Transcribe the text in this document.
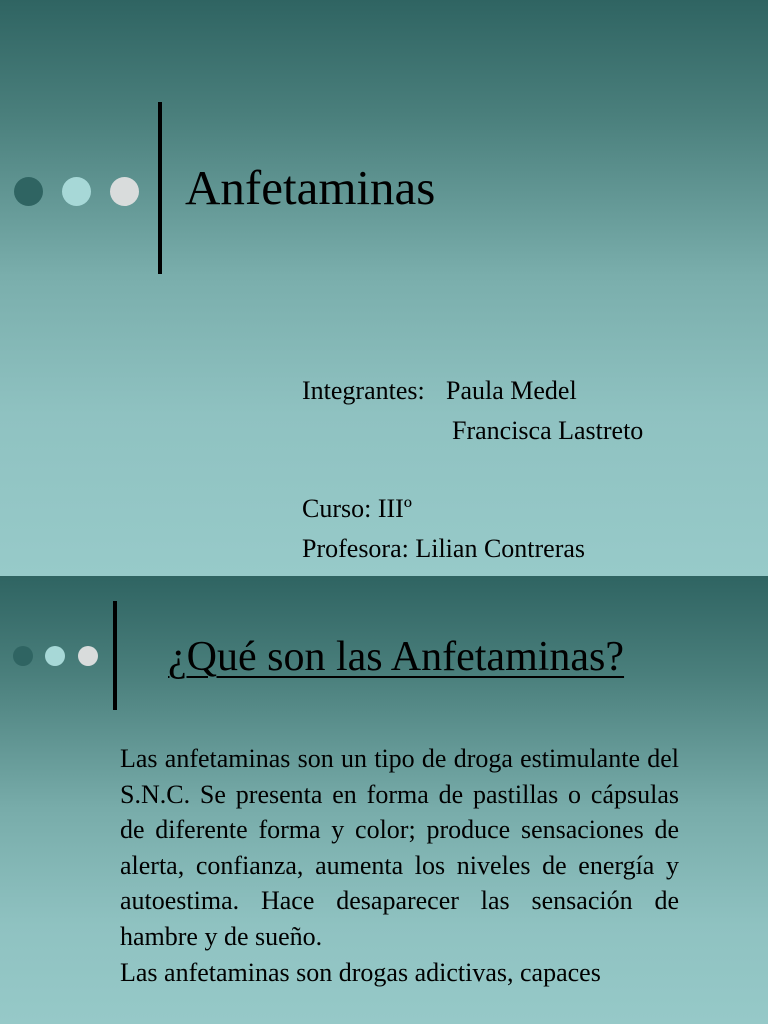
Anfetaminas
Integrantes: Paula Medel
Francisca Lastreto
Curso: IIIº
Profesora: Lilian Contreras
¿Qué son las Anfetaminas?

Las anfetaminas son un tipo de droga estimulante del S.N.C. Se presenta en forma de pastillas o cápsulas de diferente forma y color; produce sensaciones de alerta, confianza, aumenta los niveles de energía y autoestima. Hace desaparecer las sensación de hambre y de sueño.

Las anfetaminas son drogas adictivas, capaces
